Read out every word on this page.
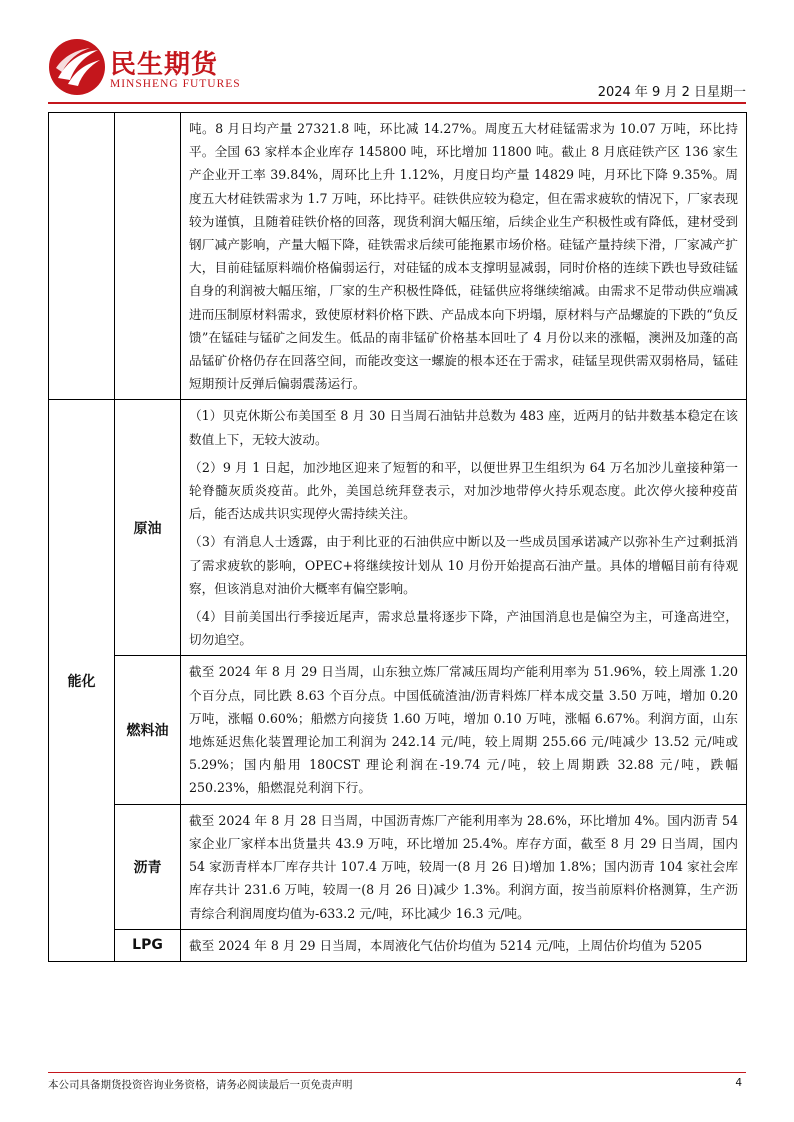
民生期货
MINSHENG FUTURES
2024 年 9 月 2 日星期一

		吨。8 月日均产量 27321.8 吨，环比减 14.27%。周度五大材硅锰需求为 10.07 万吨，环比持平。全国 63 家样本企业库存 145800 吨，环比增加 11800 吨。截止 8 月底硅铁产区 136 家生产企业开工率 39.84%，周环比上升 1.12%，月度日均产量 14829 吨，月环比下降 9.35%。周度五大材硅铁需求为 1.7 万吨，环比持平。硅铁供应较为稳定，但在需求疲软的情况下，厂家表现较为谨慎，且随着硅铁价格的回落，现货利润大幅压缩，后续企业生产积极性或有降低，建材受到钢厂减产影响，产量大幅下降，硅铁需求后续可能拖累市场价格。硅锰产量持续下滑，厂家减产扩大，目前硅锰原料端价格偏弱运行，对硅锰的成本支撑明显减弱，同时价格的连续下跌也导致硅锰自身的利润被大幅压缩，厂家的生产积极性降低，硅锰供应将继续缩减。由需求不足带动供应端减进而压制原材料需求，致使原材料价格下跌、产品成本向下坍塌，原材料与产品螺旋的下跌的“负反馈”在锰硅与锰矿之间发生。低品的南非锰矿价格基本回吐了 4 月份以来的涨幅，澳洲及加蓬的高品锰矿价格仍存在回落空间，而能改变这一螺旋的根本还在于需求，硅锰呈现供需双弱格局，锰硅短期预计反弹后偏弱震荡运行。

能化	原油	（1）贝克休斯公布美国至 8 月 30 日当周石油钻井总数为 483 座，近两月的钻井数基本稳定在该数值上下，无较大波动。

（2）9 月 1 日起，加沙地区迎来了短暂的和平，以便世界卫生组织为 64 万名加沙儿童接种第一轮脊髓灰质炎疫苗。此外，美国总统拜登表示，对加沙地带停火持乐观态度。此次停火接种疫苗后，能否达成共识实现停火需持续关注。

（3）有消息人士透露，由于利比亚的石油供应中断以及一些成员国承诺减产以弥补生产过剩抵消了需求疲软的影响，OPEC+将继续按计划从 10 月份开始提高石油产量。具体的增幅目前有待观察，但该消息对油价大概率有偏空影响。

（4）目前美国出行季接近尾声，需求总量将逐步下降，产油国消息也是偏空为主，可逢高进空，切勿追空。

	燃料油	截至 2024 年 8 月 29 日当周，山东独立炼厂常减压周均产能利用率为 51.96%，较上周涨 1.20 个百分点，同比跌 8.63 个百分点。中国低硫渣油/沥青料炼厂样本成交量 3.50 万吨，增加 0.20 万吨，涨幅 0.60%；船燃方向接货 1.60 万吨，增加 0.10 万吨，涨幅 6.67%。利润方面，山东地炼延迟焦化装置理论加工利润为 242.14 元/吨，较上周期 255.66 元/吨减少 13.52 元/吨或 5.29%；国内船用 180CST 理论利润在-19.74 元/吨，较上周期跌 32.88 元/吨，跌幅 250.23%，船燃混兑利润下行。

	沥青	截至 2024 年 8 月 28 日当周，中国沥青炼厂产能利用率为 28.6%，环比增加 4%。国内沥青 54 家企业厂家样本出货量共 43.9 万吨，环比增加 25.4%。库存方面，截至 8 月 29 日当周，国内 54 家沥青样本厂库存共计 107.4 万吨，较周一(8 月 26 日)增加 1.8%；国内沥青 104 家社会库库存共计 231.6 万吨，较周一(8 月 26 日)减少 1.3%。利润方面，按当前原料价格测算，生产沥青综合利润周度均值为-633.2 元/吨，环比减少 16.3 元/吨。

	LPG	截至 2024 年 8 月 29 日当周，本周液化气估价均值为 5214 元/吨，上周估价均值为 5205

本公司具备期货投资咨询业务资格，请务必阅读最后一页免责声明	4
